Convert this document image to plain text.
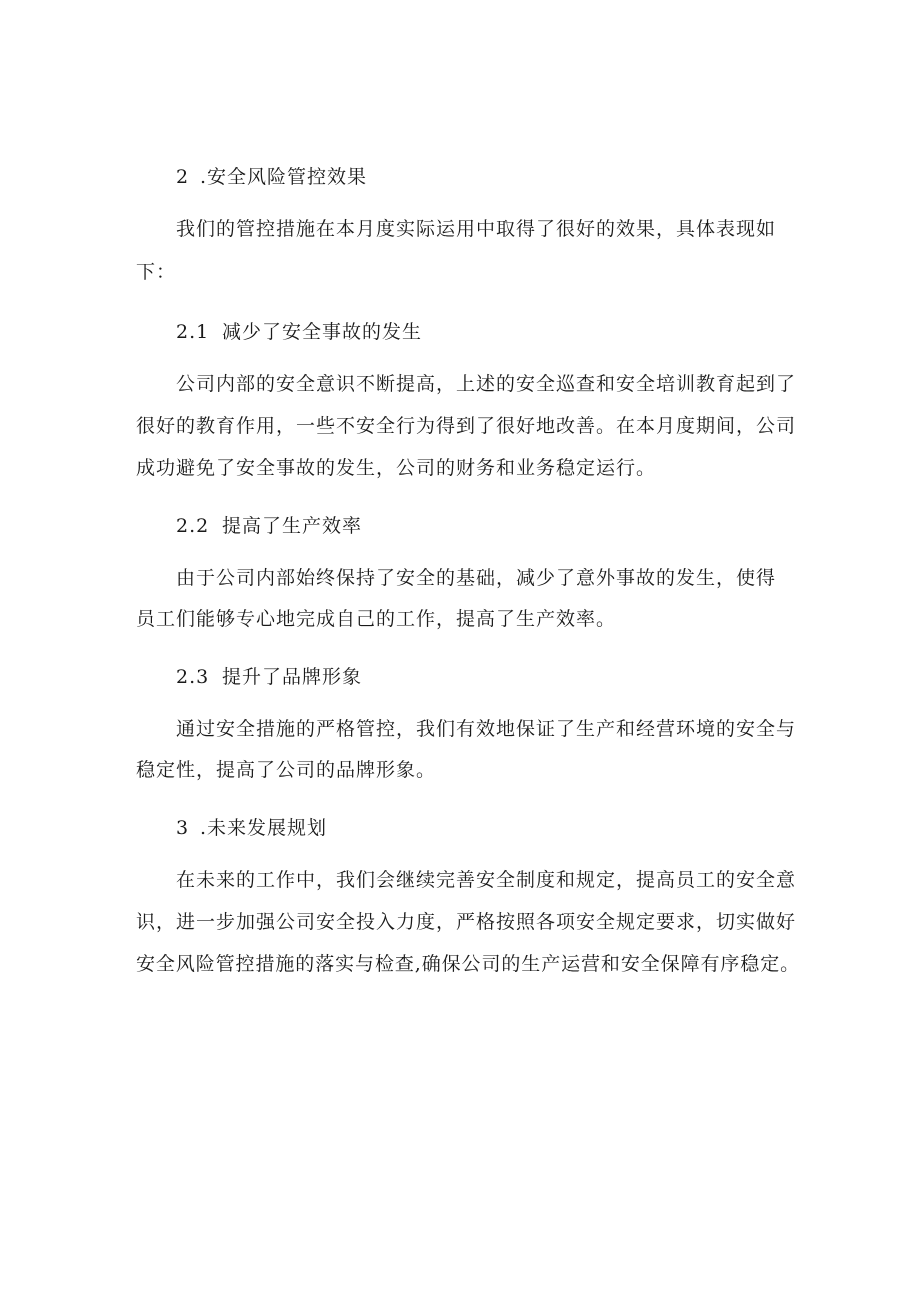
2 .安全风险管控效果
我们的管控措施在本月度实际运用中取得了很好的效果，具体表现如
下：
2.1 减少了安全事故的发生
公司内部的安全意识不断提高，上述的安全巡查和安全培训教育起到了
很好的教育作用，一些不安全行为得到了很好地改善。在本月度期间，公司
成功避免了安全事故的发生，公司的财务和业务稳定运行。
2.2 提高了生产效率
由于公司内部始终保持了安全的基础，减少了意外事故的发生，使得
员工们能够专心地完成自己的工作，提高了生产效率。
2.3 提升了品牌形象
通过安全措施的严格管控，我们有效地保证了生产和经营环境的安全与
稳定性，提高了公司的品牌形象。
3 .未来发展规划
在未来的工作中，我们会继续完善安全制度和规定，提高员工的安全意
识，进一步加强公司安全投入力度，严格按照各项安全规定要求，切实做好
安全风险管控措施的落实与检查,确保公司的生产运营和安全保障有序稳定。
